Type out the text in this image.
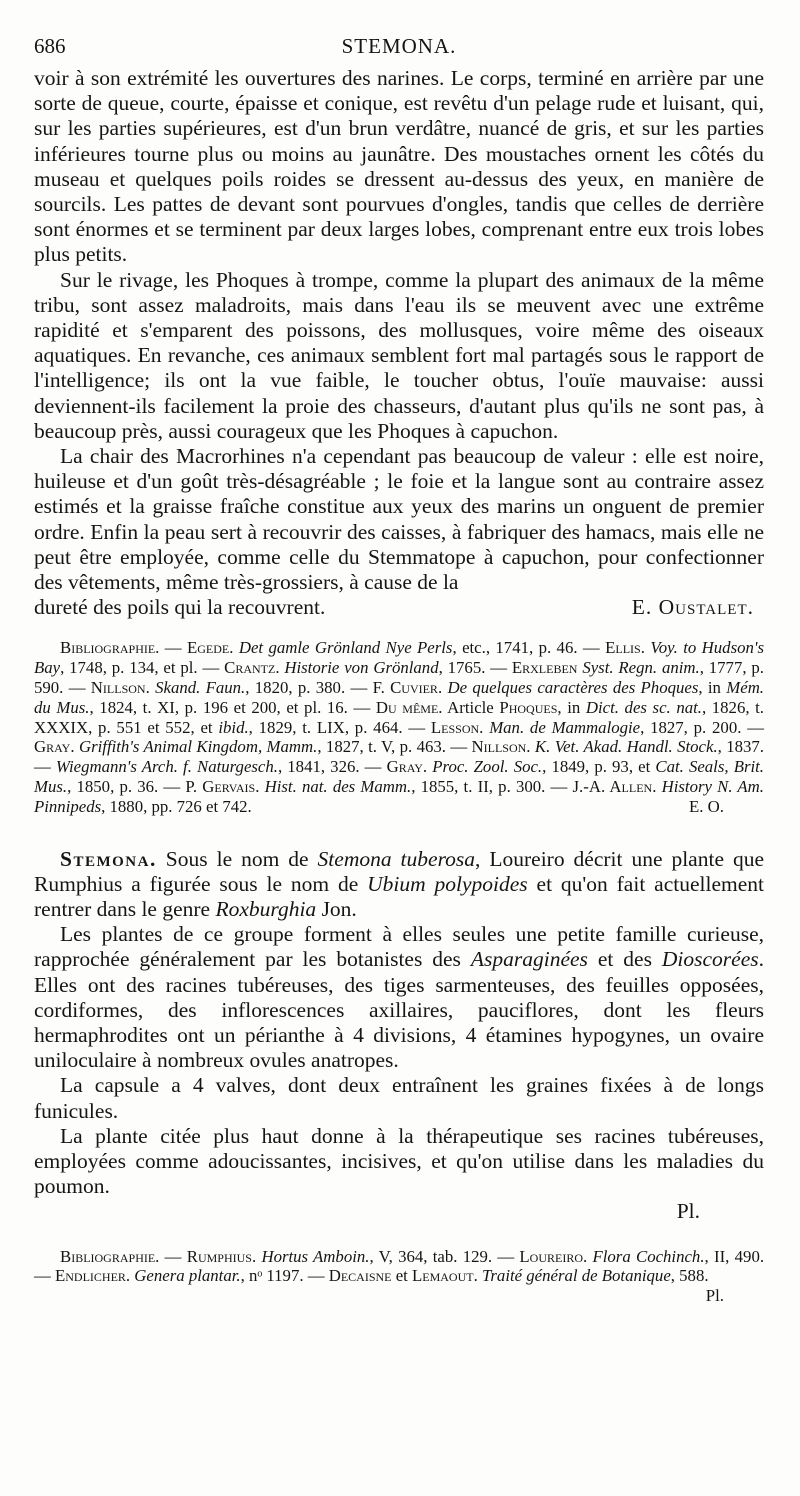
686	STEMONA.

voir à son extrémité les ouvertures des narines. Le corps, terminé en arrière par une sorte de queue, courte, épaisse et conique, est revêtu d'un pelage rude et luisant, qui, sur les parties supérieures, est d'un brun verdâtre, nuancé de gris, et sur les parties inférieures tourne plus ou moins au jaunâtre. Des moustaches ornent les côtés du museau et quelques poils roides se dressent au-dessus des yeux, en manière de sourcils. Les pattes de devant sont pourvues d'ongles, tandis que celles de derrière sont énormes et se terminent par deux larges lobes, comprenant entre eux trois lobes plus petits.

Sur le rivage, les Phoques à trompe, comme la plupart des animaux de la même tribu, sont assez maladroits, mais dans l'eau ils se meuvent avec une extrême rapidité et s'emparent des poissons, des mollusques, voire même des oiseaux aquatiques. En revanche, ces animaux semblent fort mal partagés sous le rapport de l'intelligence; ils ont la vue faible, le toucher obtus, l'ouïe mauvaise: aussi deviennent-ils facilement la proie des chasseurs, d'autant plus qu'ils ne sont pas, à beaucoup près, aussi courageux que les Phoques à capuchon.

La chair des Macrorhines n'a cependant pas beaucoup de valeur : elle est noire, huileuse et d'un goût très-désagréable ; le foie et la langue sont au contraire assez estimés et la graisse fraîche constitue aux yeux des marins un onguent de premier ordre. Enfin la peau sert à recouvrir des caisses, à fabriquer des hamacs, mais elle ne peut être employée, comme celle du Stemmatope à capuchon, pour confectionner des vêtements, même très-grossiers, à cause de la

dureté des poils qui la recouvrent.	E. Oustalet.

Bibliographie. — Egede. Det gamle Grönland Nye Perls, etc., 1741, p. 46. — Ellis. Voy. to Hudson's Bay, 1748, p. 134, et pl. — Crantz. Historie von Grönland, 1765. — Erxleben Syst. Regn. anim., 1777, p. 590. — Nillson. Skand. Faun., 1820, p. 380. — F. Cuvier. De quelques caractères des Phoques, in Mém. du Mus., 1824, t. XI, p. 196 et 200, et pl. 16. — Du même. Article Phoques, in Dict. des sc. nat., 1826, t. XXXIX, p. 551 et 552, et ibid., 1829, t. LIX, p. 464. — Lesson. Man. de Mammalogie, 1827, p. 200. — Gray. Griffith's Animal Kingdom, Mamm., 1827, t. V, p. 463. — Nillson. K. Vet. Akad. Handl. Stock., 1837. — Wiegmann's Arch. f. Naturgesch., 1841, 326. — Gray. Proc. Zool. Soc., 1849, p. 93, et Cat. Seals, Brit. Mus., 1850, p. 36. — P. Gervais. Hist. nat. des Mamm., 1855, t. II, p. 300. — J.-A. Allen. History N. Am. Pinnipeds, 1880, pp. 726 et 742.	E. O.

Stemona. Sous le nom de Stemona tuberosa, Loureiro décrit une plante que Rumphius a figurée sous le nom de Ubium polypoides et qu'on fait actuellement rentrer dans le genre Roxburghia Jon.

Les plantes de ce groupe forment à elles seules une petite famille curieuse, rapprochée généralement par les botanistes des Asparaginées et des Dioscorées. Elles ont des racines tubéreuses, des tiges sarmenteuses, des feuilles opposées, cordiformes, des inflorescences axillaires, pauciflores, dont les fleurs hermaphrodites ont un périanthe à 4 divisions, 4 étamines hypogynes, un ovaire uniloculaire à nombreux ovules anatropes.

La capsule a 4 valves, dont deux entraînent les graines fixées à de longs funicules.

La plante citée plus haut donne à la thérapeutique ses racines tubéreuses, employées comme adoucissantes, incisives, et qu'on utilise dans les maladies du poumon.

Pl.

Bibliographie. — Rumphius. Hortus Amboin., V, 364, tab. 129. — Loureiro. Flora Cochinch., II, 490. — Endlicher. Genera plantar., nᵒ 1197. — Decaisne et Lemaout. Traité général de Botanique, 588.
Pl.
